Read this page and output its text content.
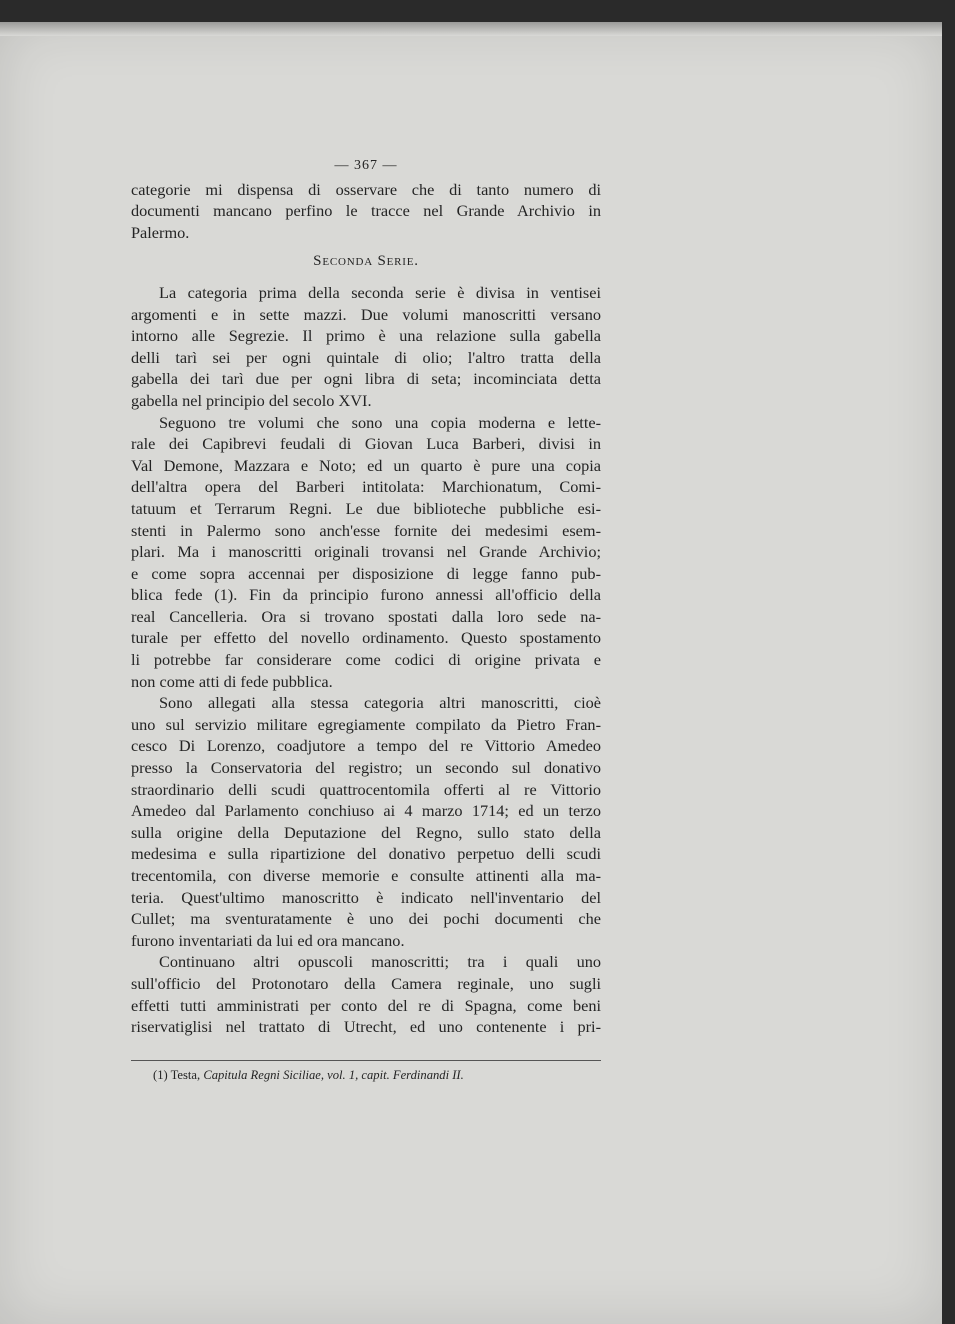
— 367 —
categorie mi dispensa di osservare che di tanto numero di
documenti mancano perfino le tracce nel Grande Archivio in
Palermo.
Seconda Serie.
La categoria prima della seconda serie è divisa in ventisei
argomenti e in sette mazzi. Due volumi manoscritti versano
intorno alle Segrezie. Il primo è una relazione sulla gabella
delli tarì sei per ogni quintale di olio; l'altro tratta della
gabella dei tarì due per ogni libra di seta; incominciata detta
gabella nel principio del secolo XVI.
Seguono tre volumi che sono una copia moderna e lette-
rale dei Capibrevi feudali di Giovan Luca Barberi, divisi in
Val Demone, Mazzara e Noto; ed un quarto è pure una copia
dell'altra opera del Barberi intitolata: Marchionatum, Comi-
tatuum et Terrarum Regni. Le due biblioteche pubbliche esi-
stenti in Palermo sono anch'esse fornite dei medesimi esem-
plari. Ma i manoscritti originali trovansi nel Grande Archivio;
e come sopra accennai per disposizione di legge fanno pub-
blica fede (1). Fin da principio furono annessi all'officio della
real Cancelleria. Ora si trovano spostati dalla loro sede na-
turale per effetto del novello ordinamento. Questo spostamento
li potrebbe far considerare come codici di origine privata e
non come atti di fede pubblica.
Sono allegati alla stessa categoria altri manoscritti, cioè
uno sul servizio militare egregiamente compilato da Pietro Fran-
cesco Di Lorenzo, coadjutore a tempo del re Vittorio Amedeo
presso la Conservatoria del registro; un secondo sul donativo
straordinario delli scudi quattrocentomila offerti al re Vittorio
Amedeo dal Parlamento conchiuso ai 4 marzo 1714; ed un terzo
sulla origine della Deputazione del Regno, sullo stato della
medesima e sulla ripartizione del donativo perpetuo delli scudi
trecentomila, con diverse memorie e consulte attinenti alla ma-
teria. Quest'ultimo manoscritto è indicato nell'inventario del
Cullet; ma sventuratamente è uno dei pochi documenti che
furono inventariati da lui ed ora mancano.
Continuano altri opuscoli manoscritti; tra i quali uno
sull'officio del Protonotaro della Camera reginale, uno sugli
effetti tutti amministrati per conto del re di Spagna, come beni
riservatiglisi nel trattato di Utrecht, ed uno contenente i pri-
(1) Testa, Capitula Regni Siciliae, vol. 1, capit. Ferdinandi II.
